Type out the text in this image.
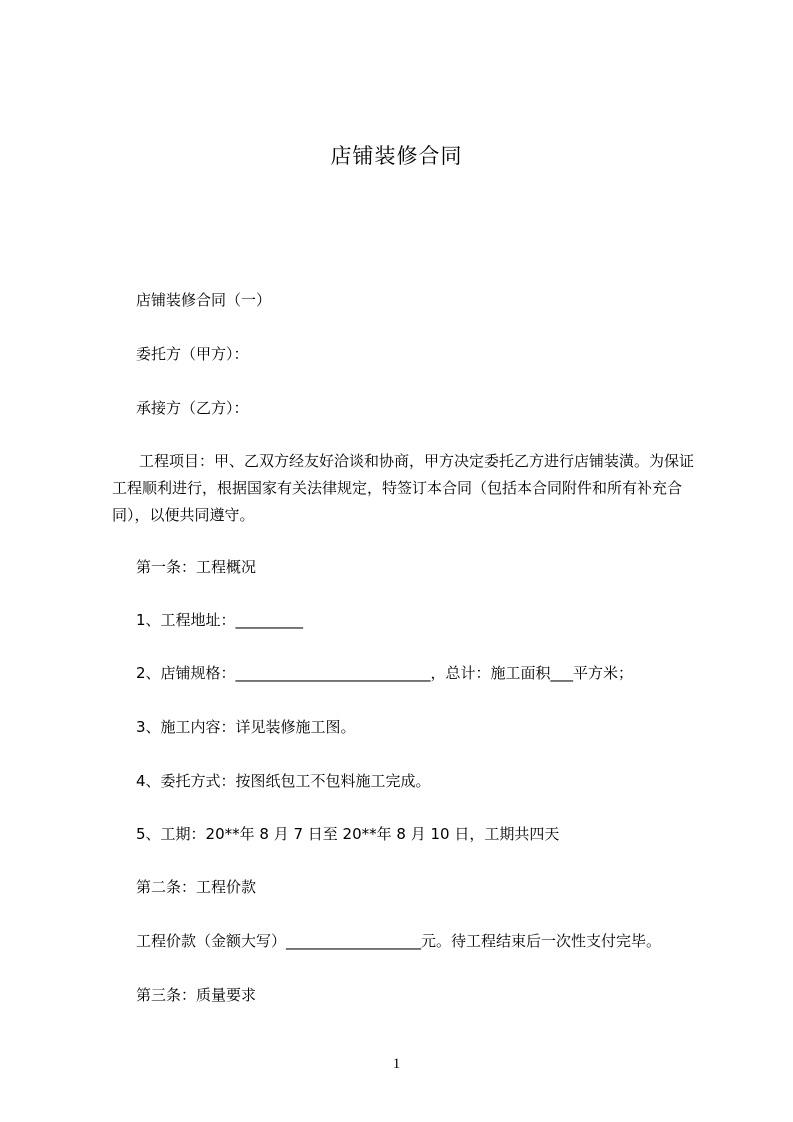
店铺装修合同
店铺装修合同（一）
委托方（甲方）：
承接方（乙方）：
工程项目：甲、乙双方经友好洽谈和协商，甲方决定委托乙方进行店铺装潢。为保证工程顺利进行，根据国家有关法律规定，特签订本合同（包括本合同附件和所有补充合同），以便共同遵守。
第一条：工程概况
1、工程地址：_________
2、店铺规格：__________________________，总计：施工面积___平方米；
3、施工内容：详见装修施工图。
4、委托方式：按图纸包工不包料施工完成。
5、工期：20**年 8 月 7 日至 20**年 8 月 10 日，工期共四天
第二条：工程价款
工程价款（金额大写）__________________元。待工程结束后一次性支付完毕。
第三条：质量要求
1
